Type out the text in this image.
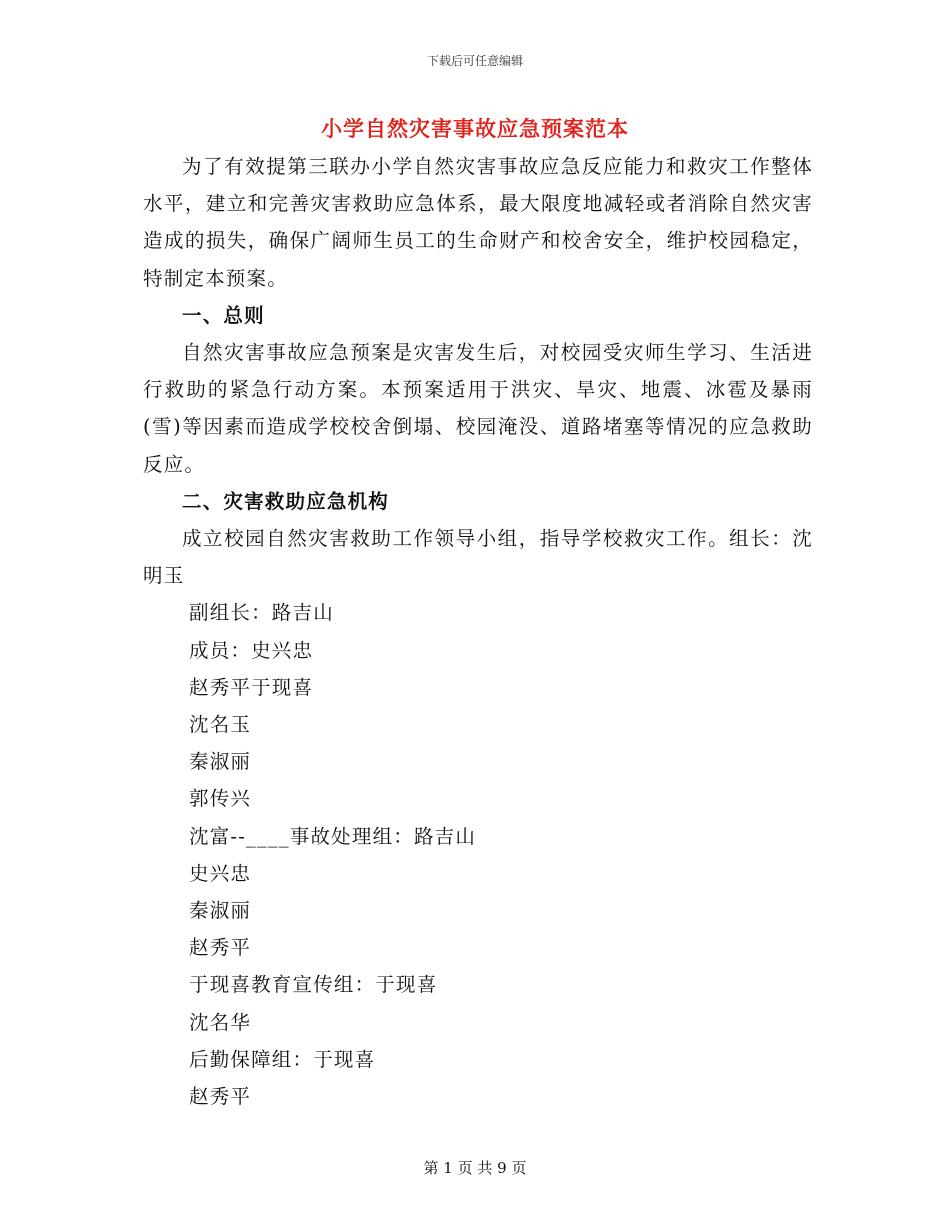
下载后可任意编辑
小学自然灾害事故应急预案范本

为了有效提第三联办小学自然灾害事故应急反应能力和救灾工作整体水平，建立和完善灾害救助应急体系，最大限度地减轻或者消除自然灾害造成的损失，确保广阔师生员工的生命财产和校舍安全，维护校园稳定，特制定本预案。

一、总则

自然灾害事故应急预案是灾害发生后，对校园受灾师生学习、生活进行救助的紧急行动方案。本预案适用于洪灾、旱灾、地震、冰雹及暴雨(雪)等因素而造成学校校舍倒塌、校园淹没、道路堵塞等情况的应急救助反应。

二、灾害救助应急机构

成立校园自然灾害救助工作领导小组，指导学校救灾工作。组长：沈明玉

副组长：路吉山

成员：史兴忠

赵秀平于现喜

沈名玉

秦淑丽

郭传兴

沈富--____事故处理组：路吉山

史兴忠

秦淑丽

赵秀平

于现喜教育宣传组：于现喜

沈名华

后勤保障组：于现喜

赵秀平

第 1 页 共 9 页
